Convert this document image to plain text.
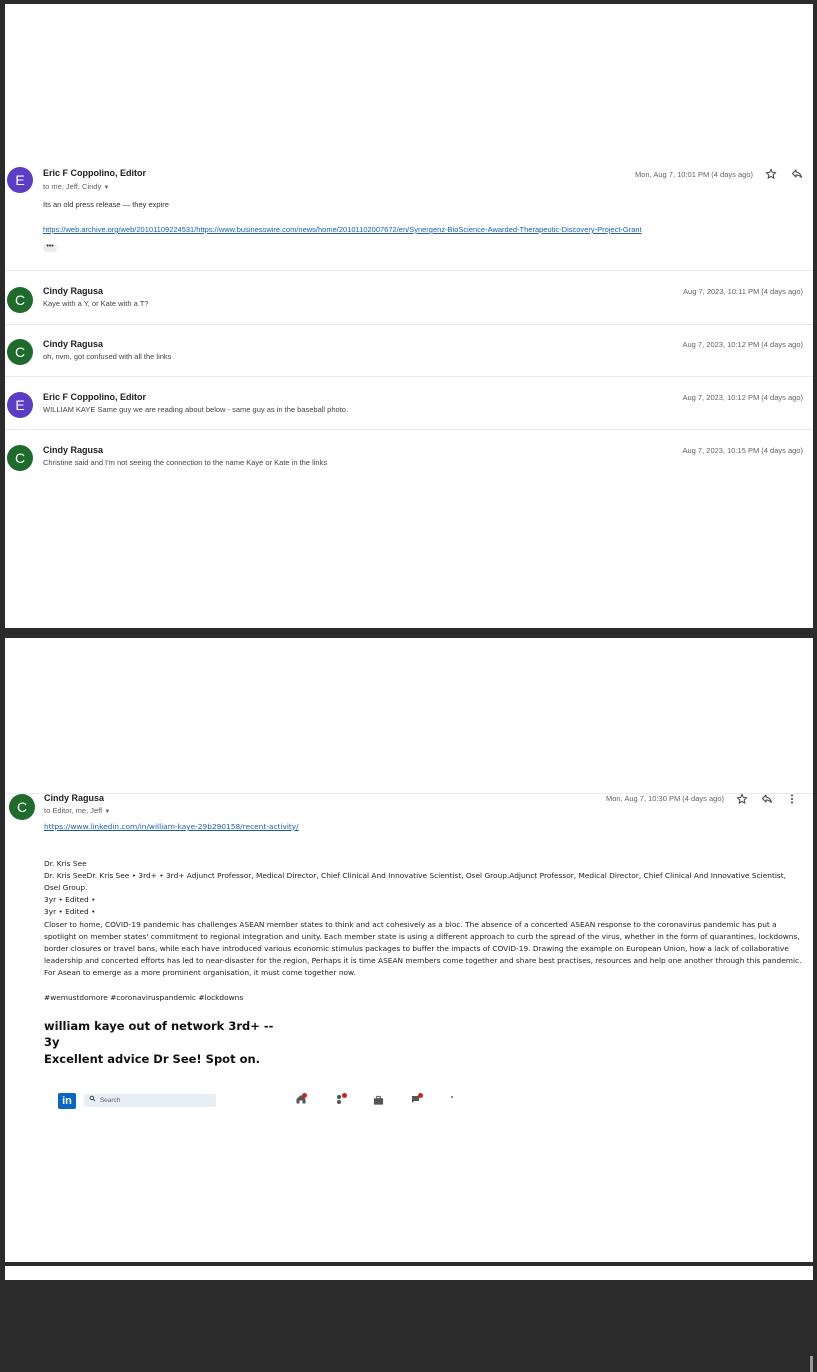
E	Eric F Coppolino, Editor
to me, Jeff, Cindy ▼
Mon, Aug 7, 10:01 PM (4 days ago)
Its an old press release — they expire
https://web.archive.org/web/20101109224531/https://www.businesswire.com/news/home/20101102007672/en/Synergenz-BioScience-Awarded-Therapeutic-Discovery-Project-Grant
•••
C
Cindy Ragusa
Kaye with a Y, or Kate with a T?
Aug 7, 2023, 10:11 PM (4 days ago)
C	Cindy Ragusa
oh, nvm, got confused with all the links
Aug 7, 2023, 10:12 PM (4 days ago)
E	Eric F Coppolino, Editor
WILLIAM KAYE Same guy we are reading about below - same guy as in the baseball photo.
Aug 7, 2023, 10:12 PM (4 days ago)
C	Cindy Ragusa
Christine said and I'm not seeing the connection to the name Kaye or Kate in the links
Aug 7, 2023, 10:15 PM (4 days ago)
C
Cindy Ragusa
to Editor, me, Jeff ▼
Mon, Aug 7, 10:30 PM (4 days ago)
https://www.linkedin.com/in/william-kaye-29b290158/recent-activity/
Dr. Kris See
Dr. Kris SeeDr. Kris See • 3rd+ • 3rd+ Adjunct Professor, Medical Director, Chief Clinical And Innovative Scientist, Osel Group.Adjunct Professor, Medical Director, Chief Clinical And Innovative Scientist, Osel Group.
3yr • Edited •
3yr • Edited •
Closer to home, COVID-19 pandemic has challenges ASEAN member states to think and act cohesively as a bloc. The absence of a concerted ASEAN response to the coronavirus pandemic has put a spotlight on member states' commitment to regional integration and unity. Each member state is using a different approach to curb the spread of the virus, whether in the form of quarantines, lockdowns, border closures or travel bans, while each have introduced various economic stimulus packages to buffer the impacts of COVID-19. Drawing the example on European Union, how a lack of collaborative leadership and concerted efforts has led to near-disaster for the region, Perhaps it is time ASEAN members come together and share best practises, resources and help one another through this pandemic. For Asean to emerge as a more prominent organisation, it must come together now.
#wemustdomore #coronaviruspandemic #lockdowns
william kaye out of network 3rd+ --
3y
Excellent advice Dr See! Spot on.
in	Search
